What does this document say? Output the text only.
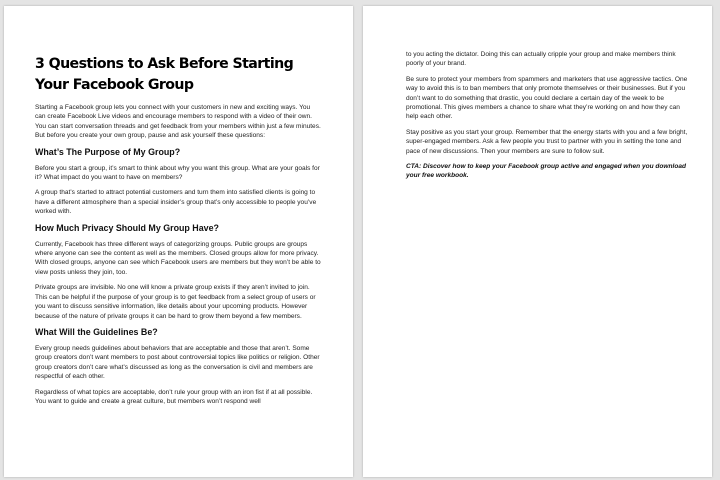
3 Questions to Ask Before Starting Your Facebook Group

Starting a Facebook group lets you connect with your customers in new and exciting ways. You can create Facebook Live videos and encourage members to respond with a video of their own. You can start conversation threads and get feedback from your members within just a few minutes. But before you create your own group, pause and ask yourself these questions:

What’s The Purpose of My Group?

Before you start a group, it’s smart to think about why you want this group. What are your goals for it? What impact do you want to have on members?

A group that’s started to attract potential customers and turn them into satisfied clients is going to have a different atmosphere than a special insider’s group that’s only accessible to people you’ve worked with.

How Much Privacy Should My Group Have?

Currently, Facebook has three different ways of categorizing groups. Public groups are groups where anyone can see the content as well as the members. Closed groups allow for more privacy. With closed groups, anyone can see which Facebook users are members but they won’t be able to view posts unless they join, too.

Private groups are invisible. No one will know a private group exists if they aren’t invited to join. This can be helpful if the purpose of your group is to get feedback from a select group of users or you want to discuss sensitive information, like details about your upcoming products. However because of the nature of private groups it can be hard to grow them beyond a few members.

What Will the Guidelines Be?

Every group needs guidelines about behaviors that are acceptable and those that aren’t. Some group creators don’t want members to post about controversial topics like politics or religion. Other group creators don’t care what’s discussed as long as the conversation is civil and members are respectful of each other.

Regardless of what topics are acceptable, don’t rule your group with an iron fist if at all possible. You want to guide and create a great culture, but members won’t respond well

to you acting the dictator. Doing this can actually cripple your group and make members think poorly of your brand.

Be sure to protect your members from spammers and marketers that use aggressive tactics. One way to avoid this is to ban members that only promote themselves or their businesses. But if you don’t want to do something that drastic, you could declare a certain day of the week to be promotional. This gives members a chance to share what they’re working on and how they can help each other.

Stay positive as you start your group. Remember that the energy starts with you and a few bright, super-engaged members. Ask a few people you trust to partner with you in setting the tone and pace of new discussions. Then your members are sure to follow suit.

CTA: Discover how to keep your Facebook group active and engaged when you download your free workbook.
